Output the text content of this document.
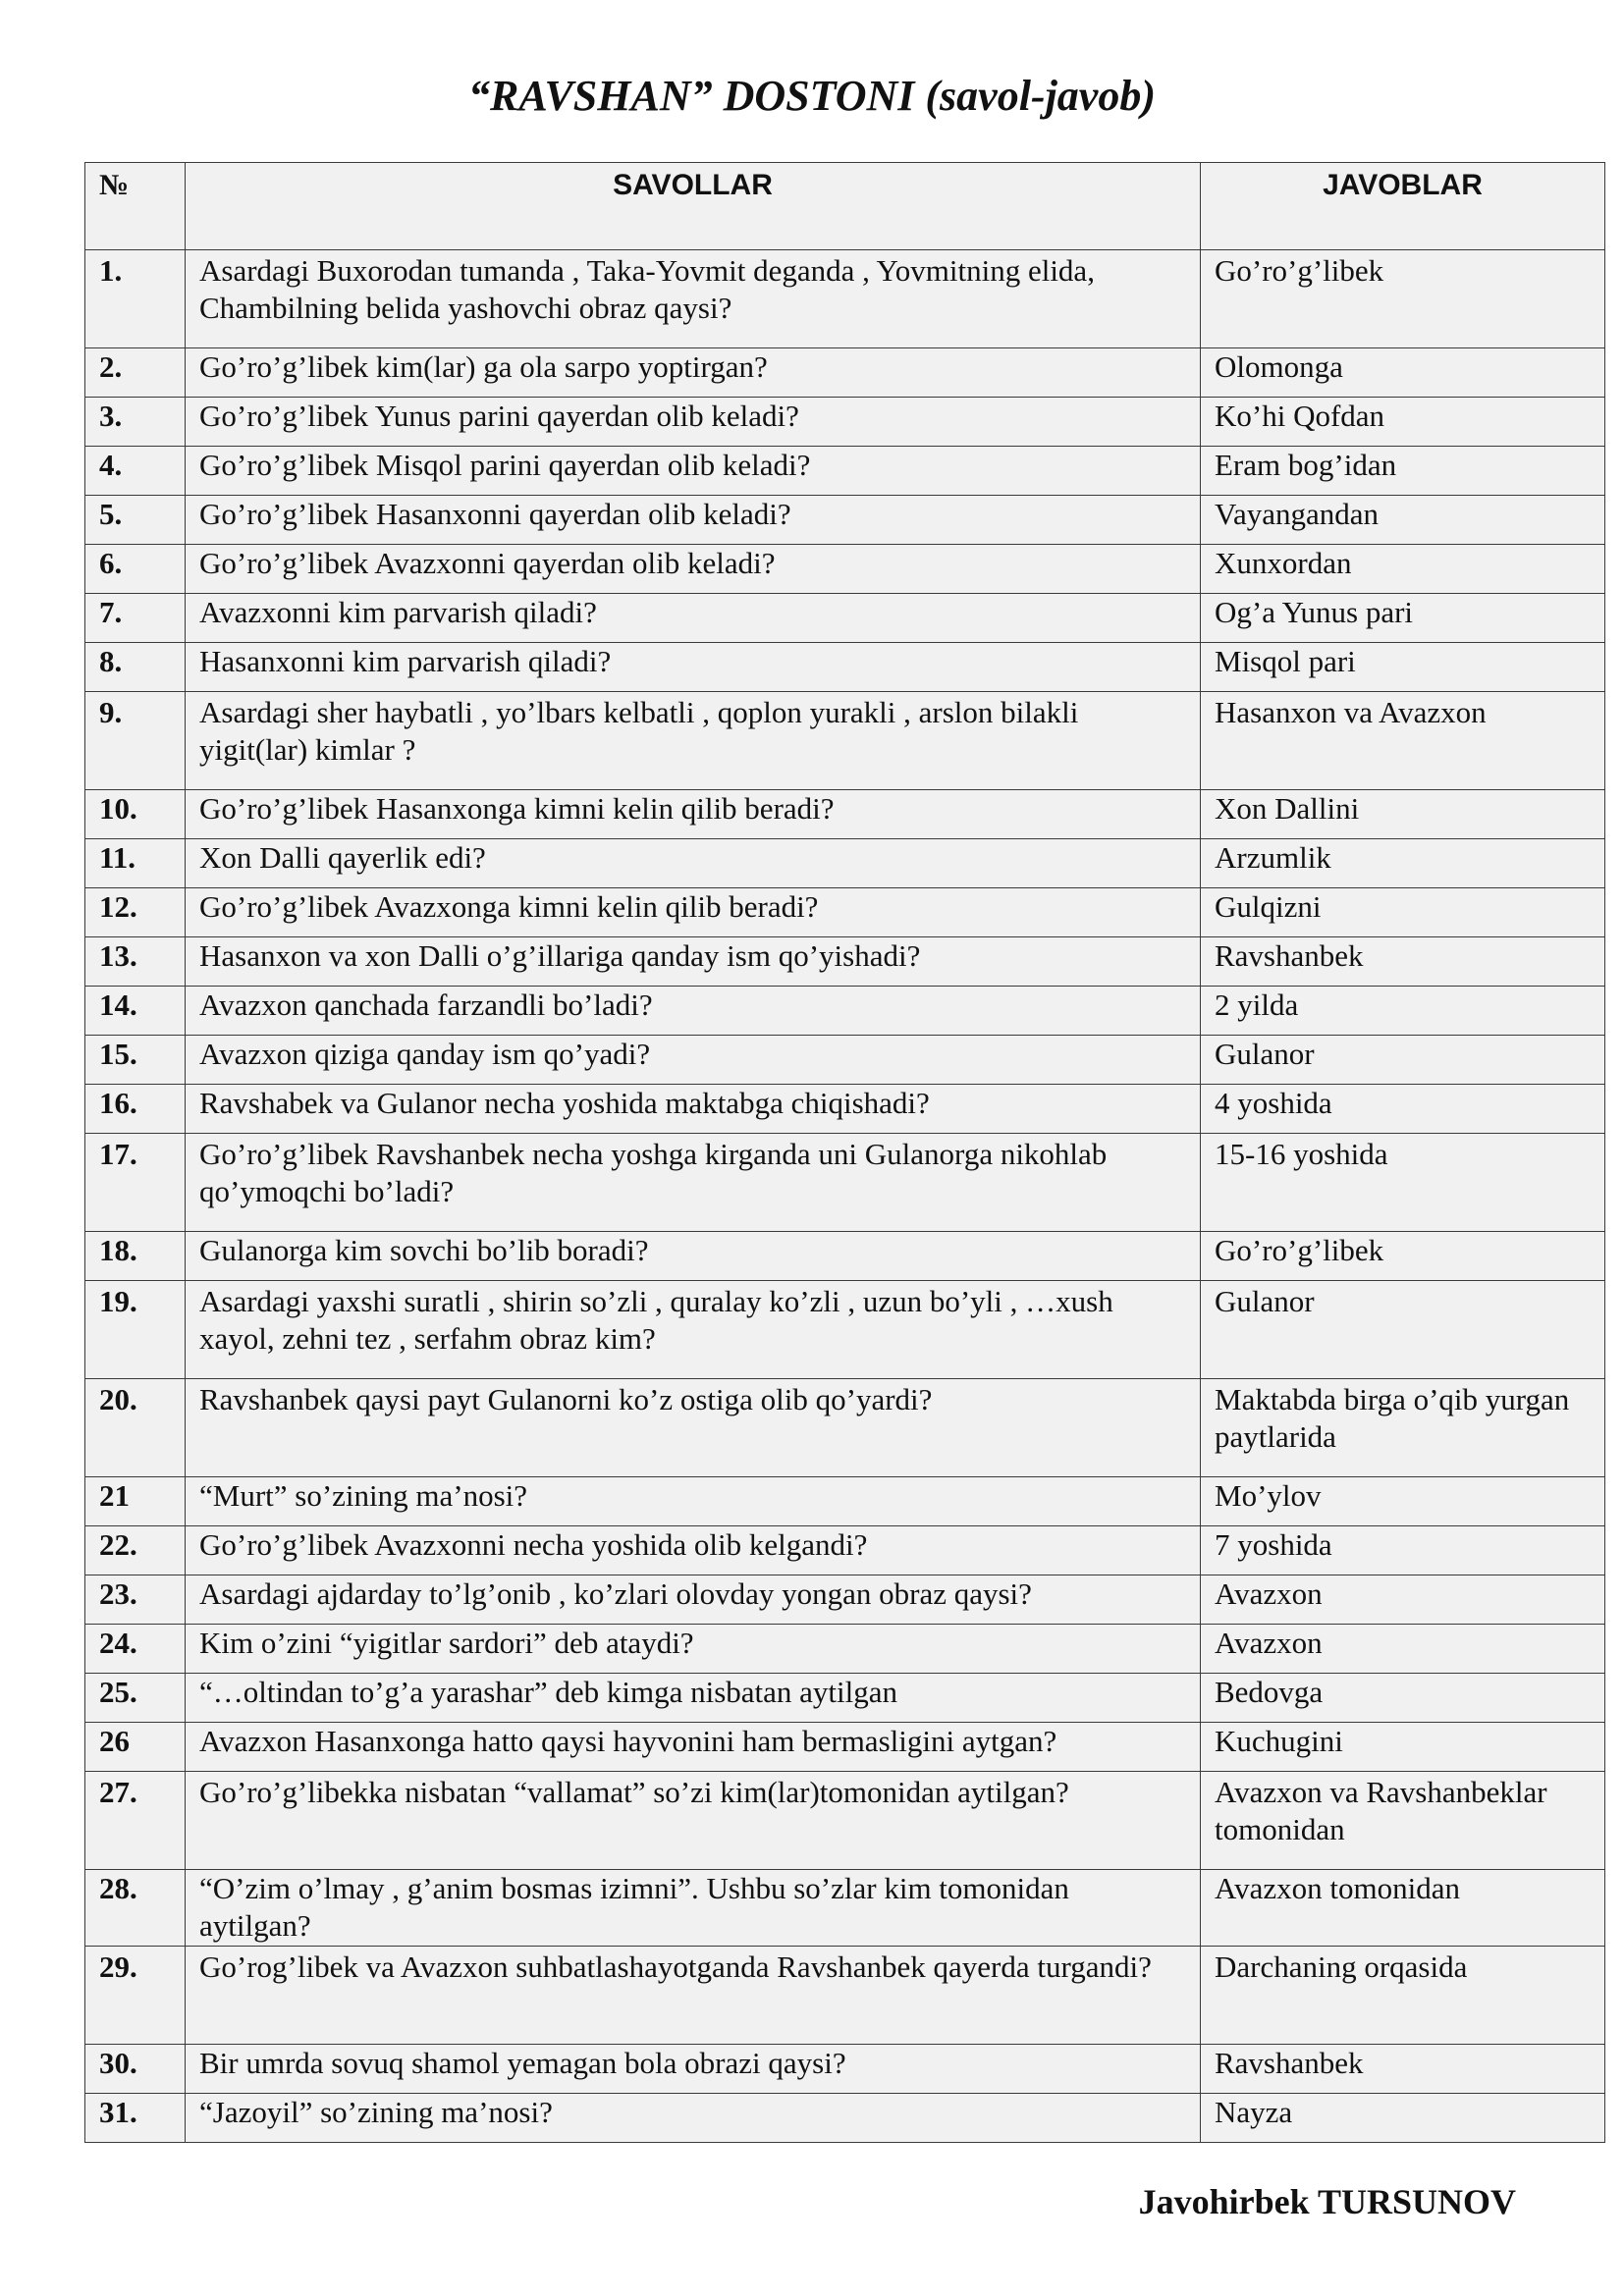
“RAVSHAN” DOSTONI (savol-javob)
№	SAVOLLAR	JAVOBLAR
1.	Asardagi Buxorodan tumanda , Taka-Yovmit deganda , Yovmitning elida, Chambilning belida yashovchi obraz qaysi?	Go’ro’g’libek
2.	Go’ro’g’libek kim(lar) ga ola sarpo yoptirgan?	Olomonga
3.	Go’ro’g’libek Yunus parini qayerdan olib keladi?	Ko’hi Qofdan
4.	Go’ro’g’libek Misqol parini qayerdan olib keladi?	Eram bog’idan
5.	Go’ro’g’libek Hasanxonni qayerdan olib keladi?	Vayangandan
6.	Go’ro’g’libek Avazxonni qayerdan olib keladi?	Xunxordan
7.	Avazxonni kim parvarish qiladi?	Og’a Yunus pari
8.	Hasanxonni kim parvarish qiladi?	Misqol pari
9.	Asardagi sher haybatli , yo’lbars kelbatli , qoplon yurakli , arslon bilakli yigit(lar) kimlar ?	Hasanxon va Avazxon
10.	Go’ro’g’libek Hasanxonga kimni kelin qilib beradi?	Xon Dallini
11.	Xon Dalli qayerlik edi?	Arzumlik
12.	Go’ro’g’libek Avazxonga kimni kelin qilib beradi?	Gulqizni
13.	Hasanxon va xon Dalli o’g’illariga qanday ism qo’yishadi?	Ravshanbek
14.	Avazxon qanchada farzandli bo’ladi?	2 yilda
15.	Avazxon qiziga qanday ism qo’yadi?	Gulanor
16.	Ravshabek va Gulanor necha yoshida maktabga chiqishadi?	4 yoshida
17.	Go’ro’g’libek Ravshanbek necha yoshga kirganda uni Gulanorga nikohlab qo’ymoqchi bo’ladi?	15-16 yoshida
18.	Gulanorga kim sovchi bo’lib boradi?	Go’ro’g’libek
19.	Asardagi yaxshi suratli , shirin so’zli , quralay ko’zli , uzun bo’yli , …xush xayol, zehni tez , serfahm obraz kim?	Gulanor
20.	Ravshanbek qaysi payt Gulanorni ko’z ostiga olib qo’yardi?	Maktabda birga o’qib yurgan paytlarida
21	“Murt” so’zining ma’nosi?	Mo’ylov
22.	Go’ro’g’libek Avazxonni necha yoshida olib kelgandi?	7 yoshida
23.	Asardagi ajdarday to’lg’onib , ko’zlari olovday yongan obraz qaysi?	Avazxon
24.	Kim o’zini “yigitlar sardori” deb ataydi?	Avazxon
25.	“…oltindan to’g’a yarashar” deb kimga nisbatan aytilgan	Bedovga
26	Avazxon Hasanxonga hatto qaysi hayvonini ham bermasligini aytgan?	Kuchugini
27.	Go’ro’g’libekka nisbatan “vallamat” so’zi kim(lar)tomonidan aytilgan?	Avazxon va Ravshanbeklar tomonidan
28.	“O’zim o’lmay , g’anim bosmas izimni”. Ushbu so’zlar kim tomonidan aytilgan?	Avazxon tomonidan
29.	Go’rog’libek va Avazxon suhbatlashayotganda Ravshanbek qayerda turgandi?	Darchaning orqasida
30.	Bir umrda sovuq shamol yemagan bola obrazi qaysi?	Ravshanbek
31.	“Jazoyil” so’zining ma’nosi?	Nayza

Javohirbek TURSUNOV
